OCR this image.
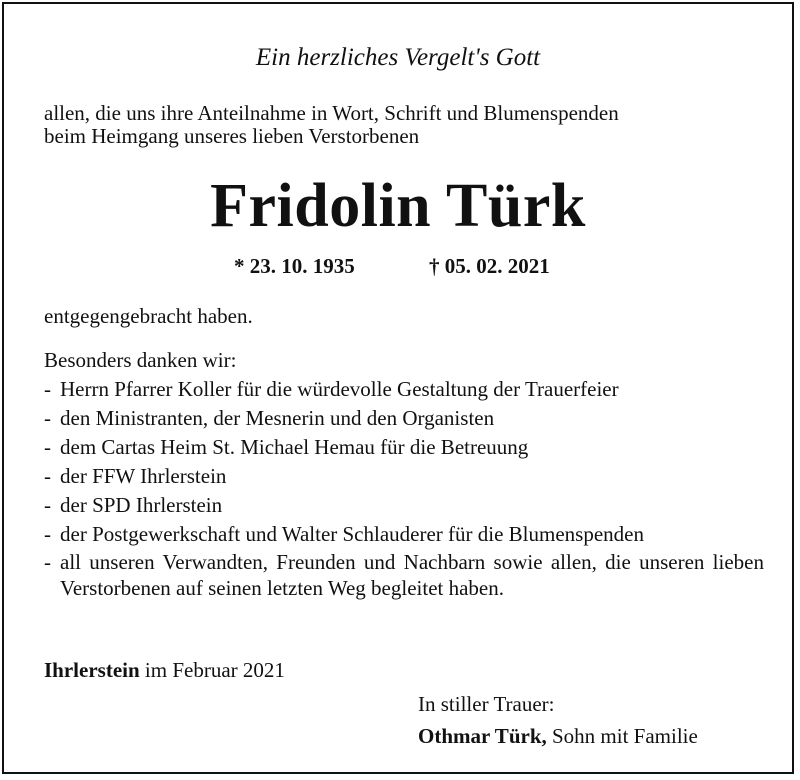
Ein herzliches Vergelt's Gott
allen, die uns ihre Anteilnahme in Wort, Schrift und Blumenspenden
beim Heimgang unseres lieben Verstorbenen
Fridolin Türk
* 23. 10. 1935	† 05. 02. 2021
entgegengebracht haben.
Besonders danken wir:
- Herrn Pfarrer Koller für die würdevolle Gestaltung der Trauerfeier
- den Ministranten, der Mesnerin und den Organisten
- dem Cartas Heim St. Michael Hemau für die Betreuung
- der FFW Ihrlerstein
- der SPD Ihrlerstein
- der Postgewerkschaft und Walter Schlauderer für die Blumenspenden
- all unseren Verwandten, Freunden und Nachbarn sowie allen, die unseren lieben Verstorbenen auf seinen letzten Weg begleitet haben.
Ihrlerstein im Februar 2021
In stiller Trauer:
Othmar Türk, Sohn mit Familie
